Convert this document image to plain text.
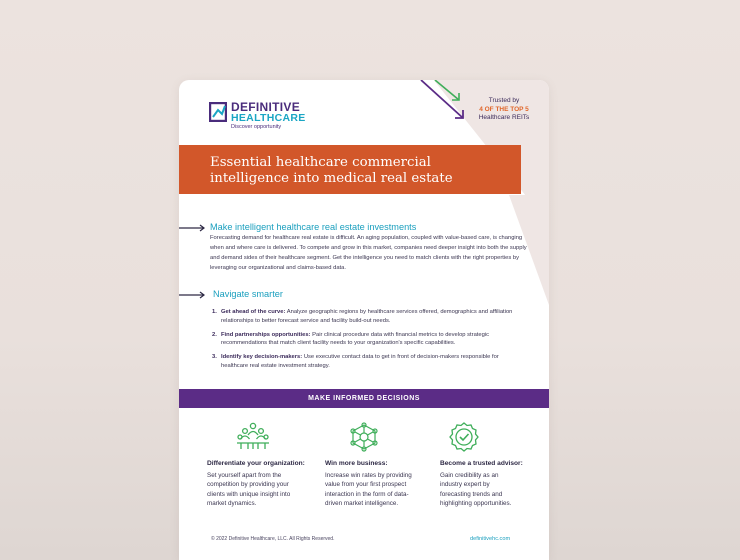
Trusted by
4 OF THE TOP 5
Healthcare REITs
DEFINITIVE
HEALTHCARE
Discover opportunity
Essential healthcare commercial
intelligence into medical real estate
Make intelligent healthcare real estate investments
Forecasting demand for healthcare real estate is difficult. An aging population, coupled with value-based care, is changing when and where care is delivered. To compete and grow in this market, companies need deeper insight into both the supply and demand sides of their healthcare segment. Get the intelligence you need to match clients with the right properties by leveraging our organizational and claims-based data.
Navigate smarter
1. Get ahead of the curve: Analyze geographic regions by healthcare services offered, demographics and affiliation relationships to better forecast service and facility build-out needs.
2. Find partnerships opportunities: Pair clinical procedure data with financial metrics to develop strategic recommendations that match client facility needs to your organization's specific capabilities.
3. Identify key decision-makers: Use executive contact data to get in front of decision-makers responsible for healthcare real estate investment strategy.
MAKE INFORMED DECISIONS
Differentiate your organization:
Set yourself apart from the competition by providing your clients with unique insight into market dynamics.
Win more business:
Increase win rates by providing value from your first prospect interaction in the form of data-driven market intelligence.
Become a trusted advisor:
Gain credibility as an industry expert by forecasting trends and highlighting opportunities.
© 2022 Definitive Healthcare, LLC. All Rights Reserved.	definitivehc.com
